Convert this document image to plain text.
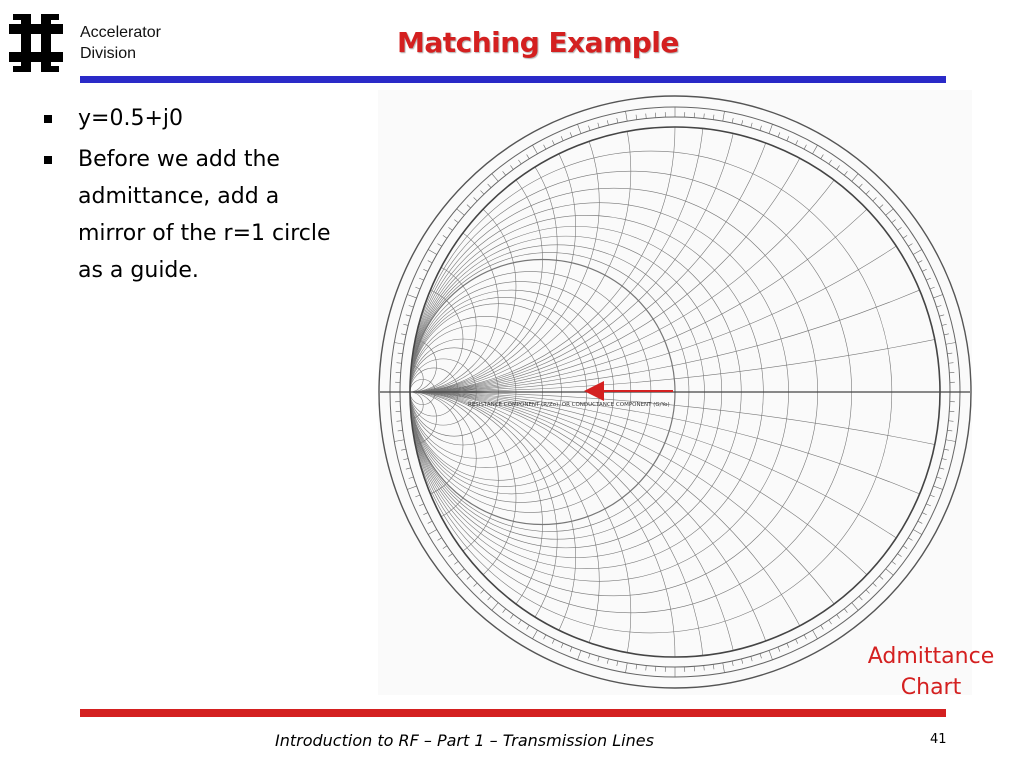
Accelerator
Division	Matching Example
y=0.5+j0
Before we add the admittance, add a mirror of the r=1 circle as a guide.
RESISTANCE COMPONENT (R/Zo), OR CONDUCTANCE COMPONENT (G/Yo)
Admittance
Chart
Introduction to RF – Part 1 – Transmission Lines	41
